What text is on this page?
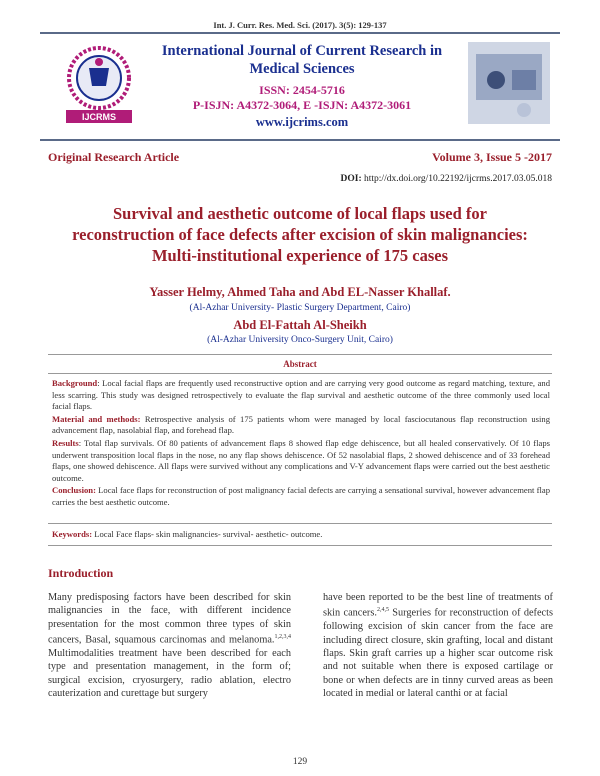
Int. J. Curr. Res. Med. Sci. (2017). 3(5): 129-137
IJCRMS
International Journal of Current Research in Medical Sciences
ISSN: 2454-5716
P-ISJN: A4372-3064, E -ISJN: A4372-3061
www.ijcrims.com
Original Research Article	Volume 3, Issue 5 -2017
DOI: http://dx.doi.org/10.22192/ijcrms.2017.03.05.018
Survival and aesthetic outcome of local flaps used for reconstruction of face defects after excision of skin malignancies: Multi-institutional experience of 175 cases
Yasser Helmy, Ahmed Taha and Abd EL-Nasser Khallaf.
(Al-Azhar University- Plastic Surgery Department, Cairo)
Abd El-Fattah Al-Sheikh
(Al-Azhar University Onco-Surgery Unit, Cairo)
Abstract

Background: Local facial flaps are frequently used reconstructive option and are carrying very good outcome as regard matching, texture, and less scarring. This study was designed retrospectively to evaluate the flap survival and aesthetic outcome of the three commonly used local facial flaps.

Material and methods: Retrospective analysis of 175 patients whom were managed by local fasciocutanous flap reconstruction using advancement flap, nasolabial flap, and forehead flap.

Results: Total flap survivals. Of 80 patients of advancement flaps 8 showed flap edge dehiscence, but all healed conservatively. Of 10 flaps underwent transposition local flaps in the nose, no any flap shows dehiscence. Of 52 nasolabial flaps, 2 showed dehiscence and of 33 forehead flaps, one showed dehiscence. All flaps were survived without any complications and V-Y advancement flaps were carried out the best aesthetic outcome.

Conclusion: Local face flaps for reconstruction of post malignancy facial defects are carrying a sensational survival, however advancement flap carries the best aesthetic outcome.

Keywords: Local Face flaps- skin malignancies- survival- aesthetic- outcome.
Introduction
Many predisposing factors have been described for skin malignancies in the face, with different incidence presentation for the most common three types of skin cancers, Basal, squamous carcinomas and melanoma.$^{1,2,3,4}$ Multimodalities treatment have been described for each type and presentation management, in the form of; surgical excision, cryosurgery, radio ablation, electro cauterization and curettage but surgery
have been reported to be the best line of treatments of skin cancers.$^{2,4,5}$ Surgeries for reconstruction of defects following excision of skin cancer from the face are including direct closure, skin grafting, local and distant flaps. Skin graft carries up a higher scar outcome risk and not suitable when there is exposed cartilage or bone or when defects are in tinny curved areas as been located in medial or lateral canthi or at facial
129
